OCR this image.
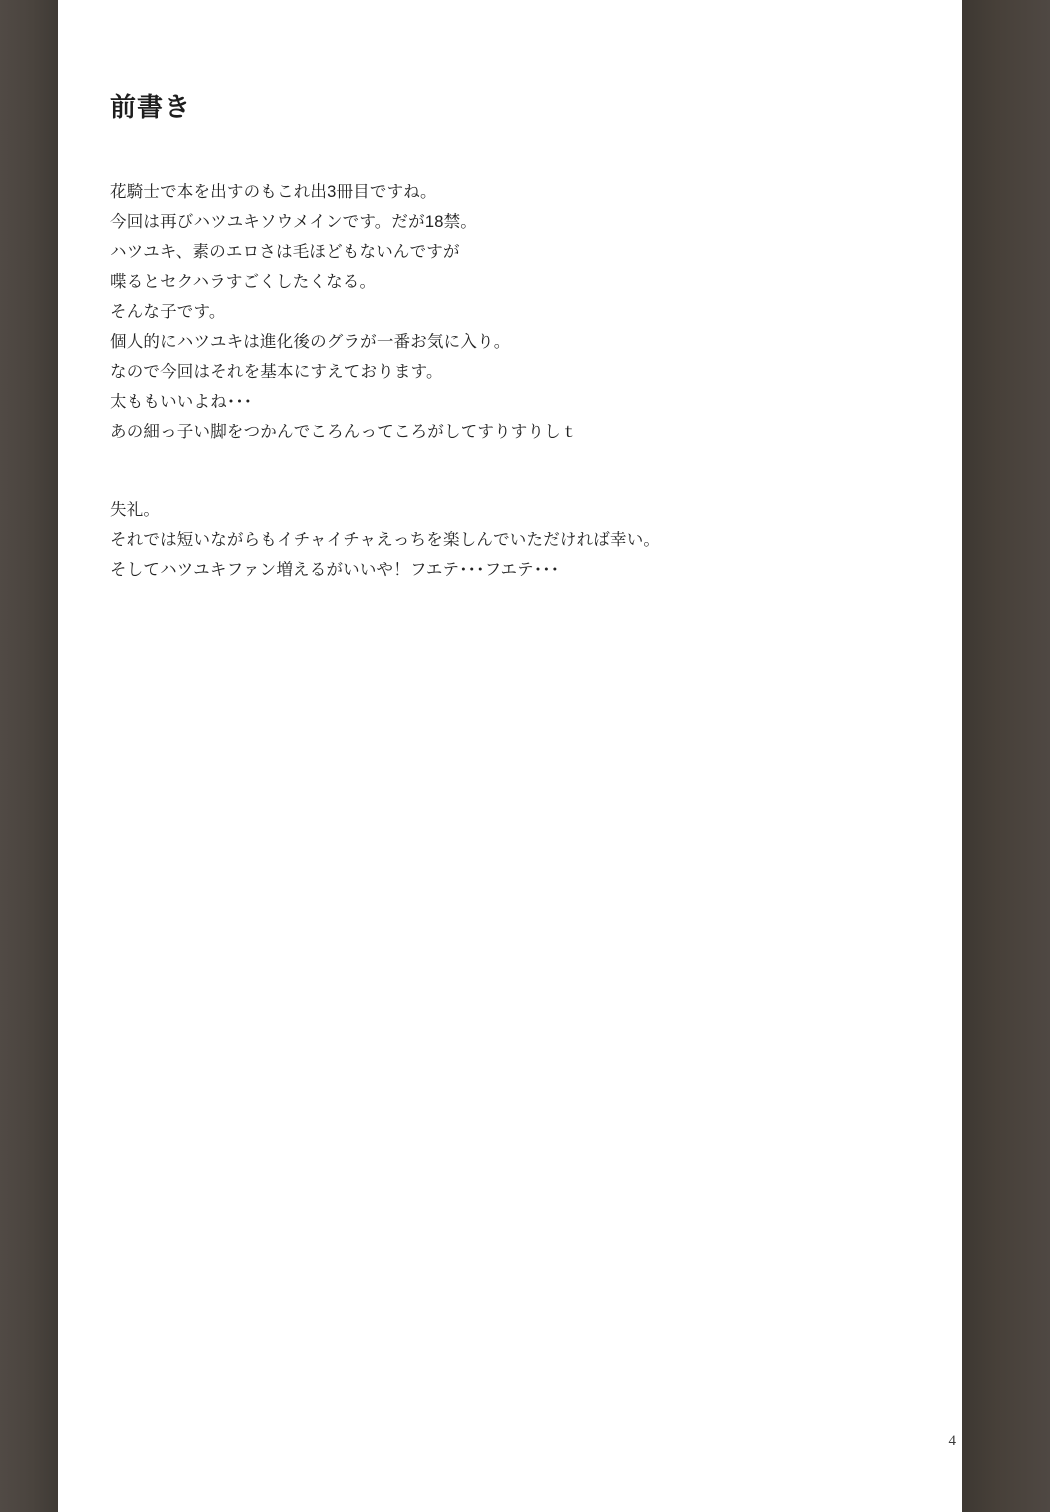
前書き
花騎士で本を出すのもこれ出3冊目ですね。
今回は再びハツユキソウメインです。だが18禁。
ハツユキ、素のエロさは毛ほどもないんですが
喋るとセクハラすごくしたくなる。
そんな子です。
個人的にハツユキは進化後のグラが一番お気に入り。
なので今回はそれを基本にすえております。
太ももいいよね･･･
あの細っ子い脚をつかんでころんってころがしてすりすりしｔ
失礼。
それでは短いながらもイチャイチャえっちを楽しんでいただければ幸い。
そしてハツユキファン増えるがいいや！フエテ･･･フエテ･･･
4
